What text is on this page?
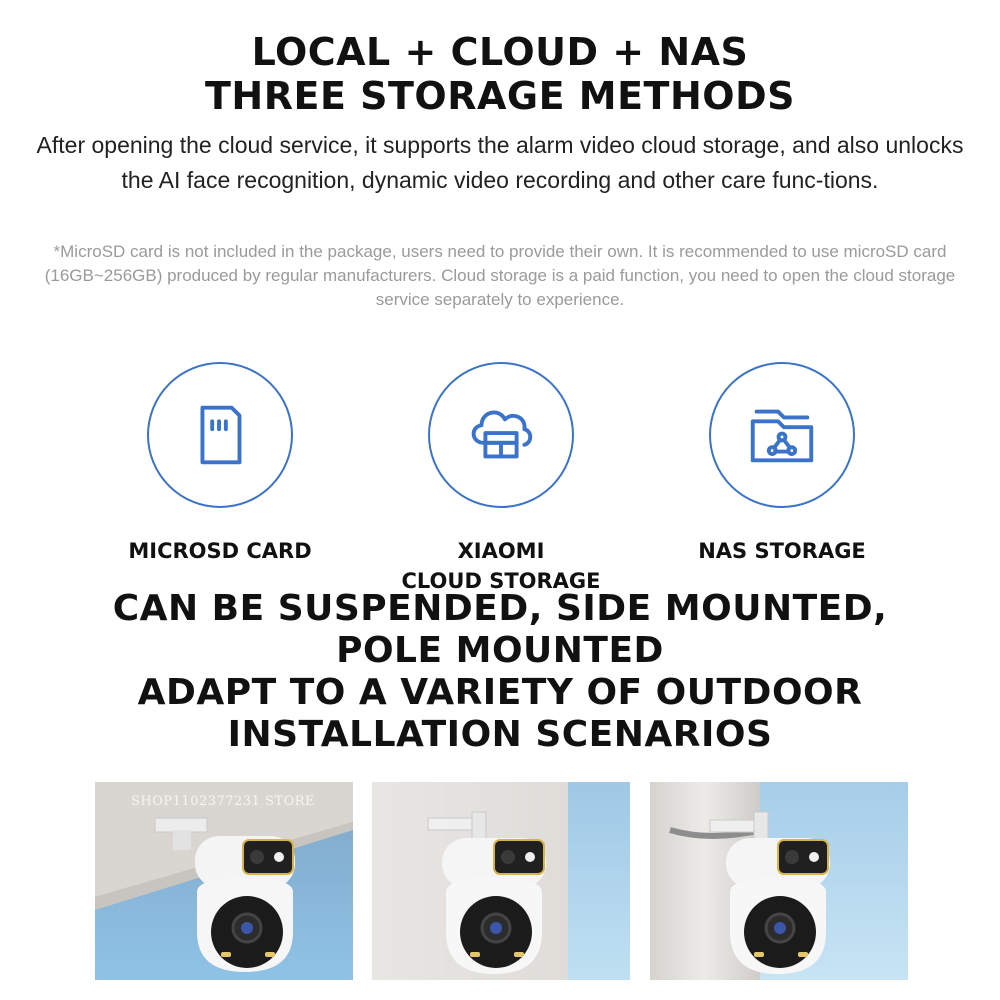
LOCAL + CLOUD + NAS
THREE STORAGE METHODS

After opening the cloud service, it supports the alarm video cloud storage, and also unlocks the AI face recognition, dynamic video recording and other care func-tions.

*MicroSD card is not included in the package, users need to provide their own. It is recommended to use microSD card (16GB~256GB) produced by regular manufacturers. Cloud storage is a paid function, you need to open the cloud storage service separately to experience.

MICROSD CARD	XIAOMI
CLOUD STORAGE
NAS STORAGE
CAN BE SUSPENDED, SIDE MOUNTED,
POLE MOUNTED
ADAPT TO A VARIETY OF OUTDOOR
INSTALLATION SCENARIOS
SHOP1102377231 STORE
